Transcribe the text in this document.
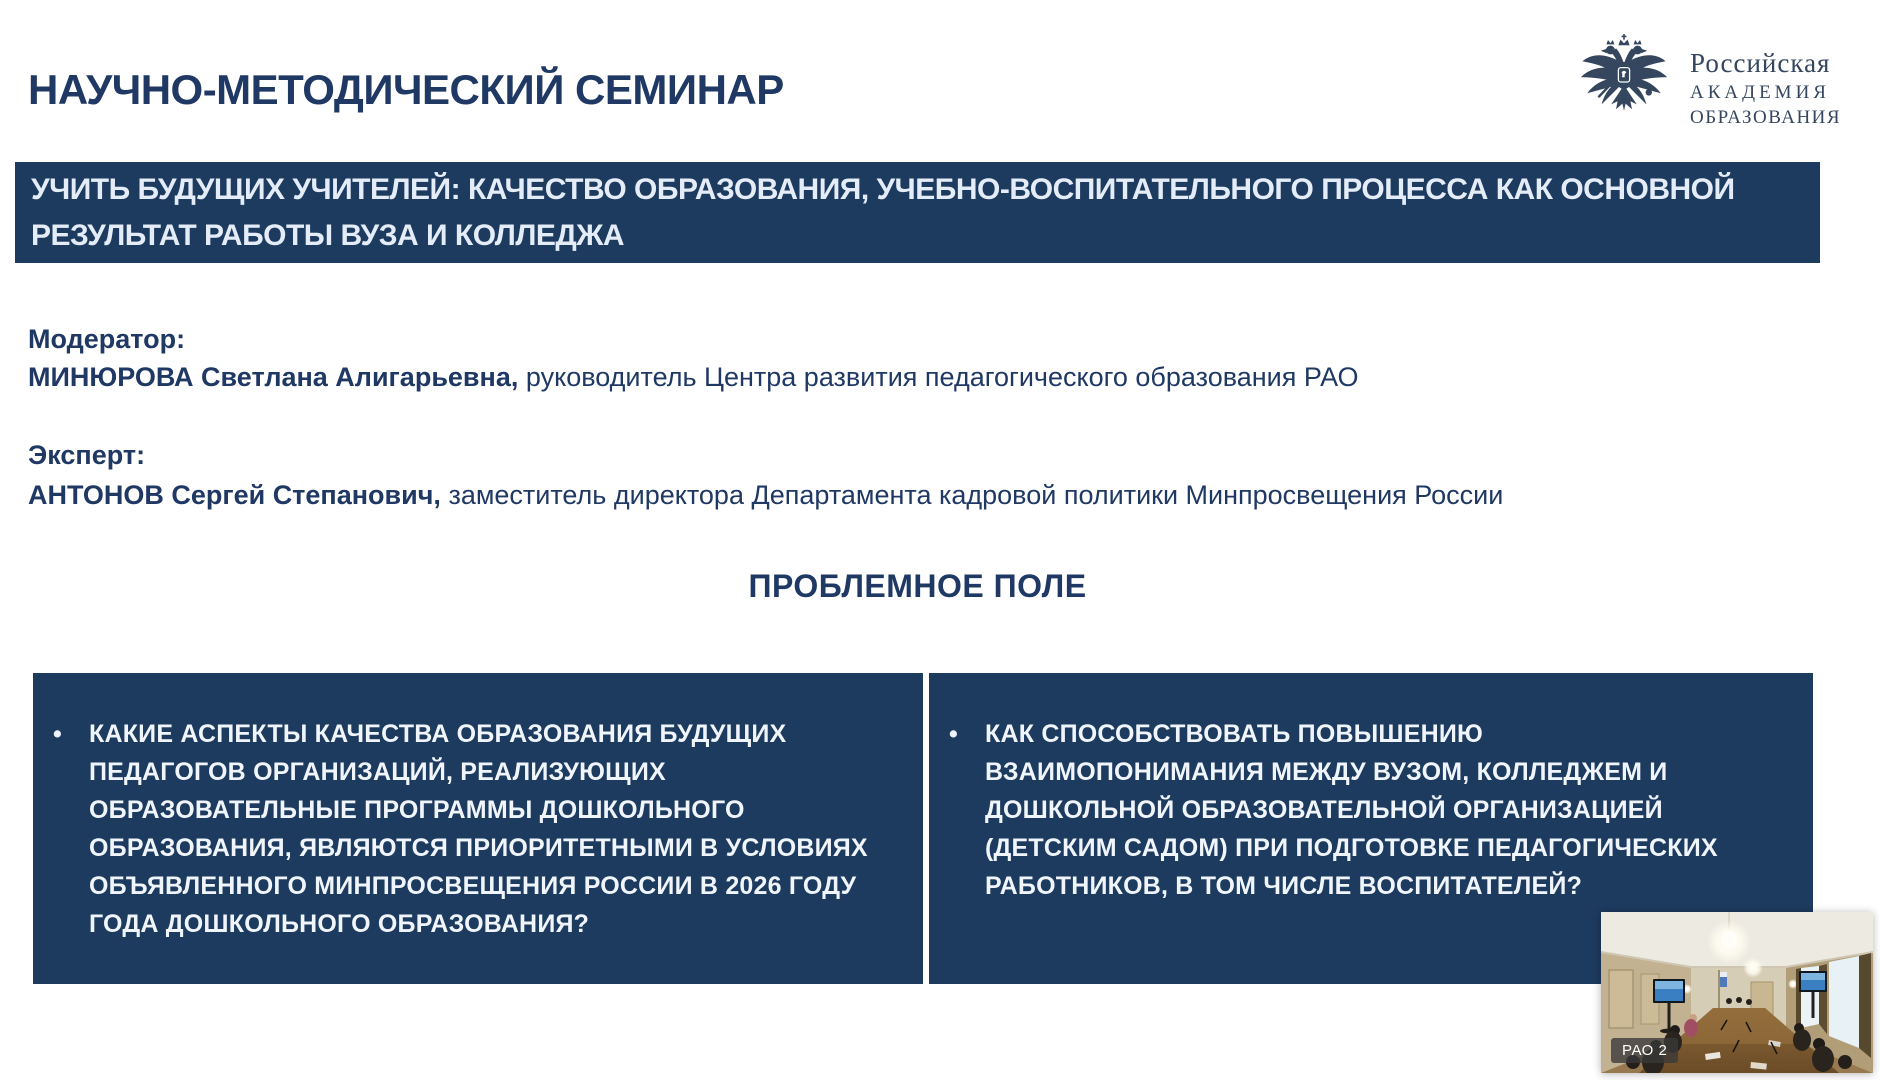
НАУЧНО-МЕТОДИЧЕСКИЙ СЕМИНАР
Российская
АКАДЕМИЯ
ОБРАЗОВАНИЯ
УЧИТЬ БУДУЩИХ УЧИТЕЛЕЙ: КАЧЕСТВО ОБРАЗОВАНИЯ, УЧЕБНО-ВОСПИТАТЕЛЬНОГО ПРОЦЕССА КАК ОСНОВНОЙ РЕЗУЛЬТАТ РАБОТЫ ВУЗА И КОЛЛЕДЖА
Модератор:
МИНЮРОВА Светлана Алигарьевна, руководитель Центра развития педагогического образования РАО
Эксперт:
АНТОНОВ Сергей Степанович, заместитель директора Департамента кадровой политики Минпросвещения России
ПРОБЛЕМНОЕ ПОЛЕ
•	КАКИЕ АСПЕКТЫ КАЧЕСТВА ОБРАЗОВАНИЯ БУДУЩИХ ПЕДАГОГОВ ОРГАНИЗАЦИЙ, РЕАЛИЗУЮЩИХ ОБРАЗОВАТЕЛЬНЫЕ ПРОГРАММЫ ДОШКОЛЬНОГО ОБРАЗОВАНИЯ, ЯВЛЯЮТСЯ ПРИОРИТЕТНЫМИ В УСЛОВИЯХ ОБЪЯВЛЕННОГО МИНПРОСВЕЩЕНИЯ РОССИИ В 2026 ГОДУ ГОДА ДОШКОЛЬНОГО ОБРАЗОВАНИЯ?
•	КАК СПОСОБСТВОВАТЬ ПОВЫШЕНИЮ ВЗАИМОПОНИМАНИЯ МЕЖДУ ВУЗОМ, КОЛЛЕДЖЕМ И ДОШКОЛЬНОЙ ОБРАЗОВАТЕЛЬНОЙ ОРГАНИЗАЦИЕЙ (ДЕТСКИМ САДОМ) ПРИ ПОДГОТОВКЕ ПЕДАГОГИЧЕСКИХ РАБОТНИКОВ, В ТОМ ЧИСЛЕ ВОСПИТАТЕЛЕЙ?
РАО 2
